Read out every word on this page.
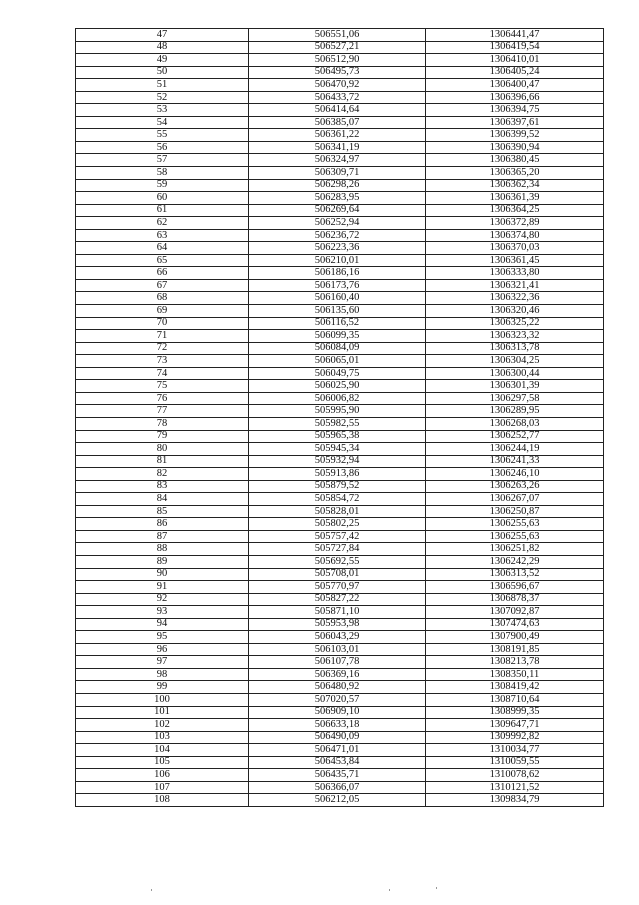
47	506551,06	1306441,47
48	506527,21	1306419,54
49	506512,90	1306410,01
50	506495,73	1306405,24
51	506470,92	1306400,47
52	506433,72	1306396,66
53	506414,64	1306394,75
54	506385,07	1306397,61
55	506361,22	1306399,52
56	506341,19	1306390,94
57	506324,97	1306380,45
58	506309,71	1306365,20
59	506298,26	1306362,34
60	506283,95	1306361,39
61	506269,64	1306364,25
62	506252,94	1306372,89
63	506236,72	1306374,80
64	506223,36	1306370,03
65	506210,01	1306361,45
66	506186,16	1306333,80
67	506173,76	1306321,41
68	506160,40	1306322,36
69	506135,60	1306320,46
70	506116,52	1306325,22
71	506099,35	1306323,32
72	506084,09	1306313,78
73	506065,01	1306304,25
74	506049,75	1306300,44
75	506025,90	1306301,39
76	506006,82	1306297,58
77	505995,90	1306289,95
78	505982,55	1306268,03
79	505965,38	1306252,77
80	505945,34	1306244,19
81	505932,94	1306241,33
82	505913,86	1306246,10
83	505879,52	1306263,26
84	505854,72	1306267,07
85	505828,01	1306250,87
86	505802,25	1306255,63
87	505757,42	1306255,63
88	505727,84	1306251,82
89	505692,55	1306242,29
90	505708,01	1306313,52
91	505770,97	1306596,67
92	505827,22	1306878,37
93	505871,10	1307092,87
94	505953,98	1307474,63
95	506043,29	1307900,49
96	506103,01	1308191,85
97	506107,78	1308213,78
98	506369,16	1308350,11
99	506480,92	1308419,42
100	507020,57	1308710,64
101	506909,10	1308999,35
102	506633,18	1309647,71
103	506490,09	1309992,82
104	506471,01	1310034,77
105	506453,84	1310059,55
106	506435,71	1310078,62
107	506366,07	1310121,52
108	506212,05	1309834,79
